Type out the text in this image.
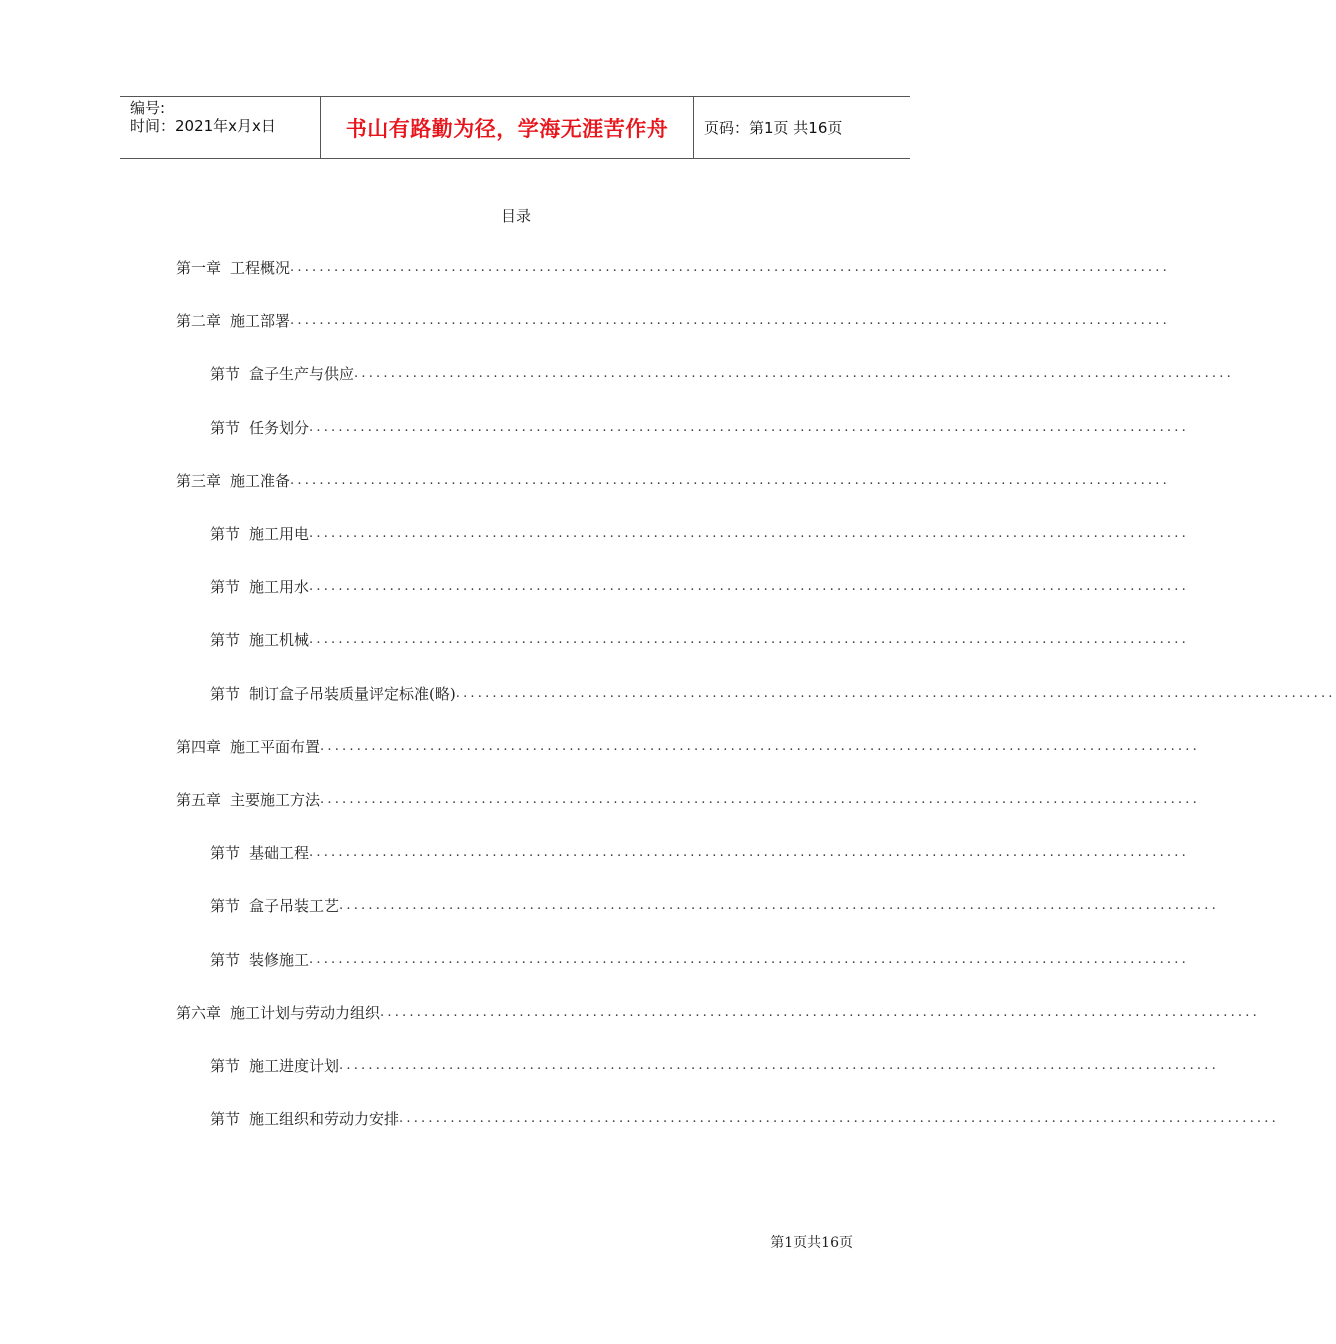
编号:
时间：2021年x月x日	书山有路勤为径，学海无涯苦作舟	页码：第1页 共16页
目录
第一章 工程概况 ........................................................................................................................
第二章 施工部署 ........................................................................................................................
第节 盒子生产与供应 ........................................................................................................................
第节 任务划分 ........................................................................................................................
第三章 施工准备 ........................................................................................................................
第节 施工用电 ........................................................................................................................
第节 施工用水 ........................................................................................................................
第节 施工机械 ........................................................................................................................
第节 制订盒子吊装质量评定标准(略) ........................................................................................................................
第四章 施工平面布置 ........................................................................................................................
第五章 主要施工方法 ........................................................................................................................
第节 基础工程 ........................................................................................................................
第节 盒子吊装工艺 ........................................................................................................................
第节 装修施工 ........................................................................................................................
第六章 施工计划与劳动力组织 ........................................................................................................................
第节 施工进度计划 ........................................................................................................................
第节 施工组织和劳动力安排 ........................................................................................................................
第1页共16页
